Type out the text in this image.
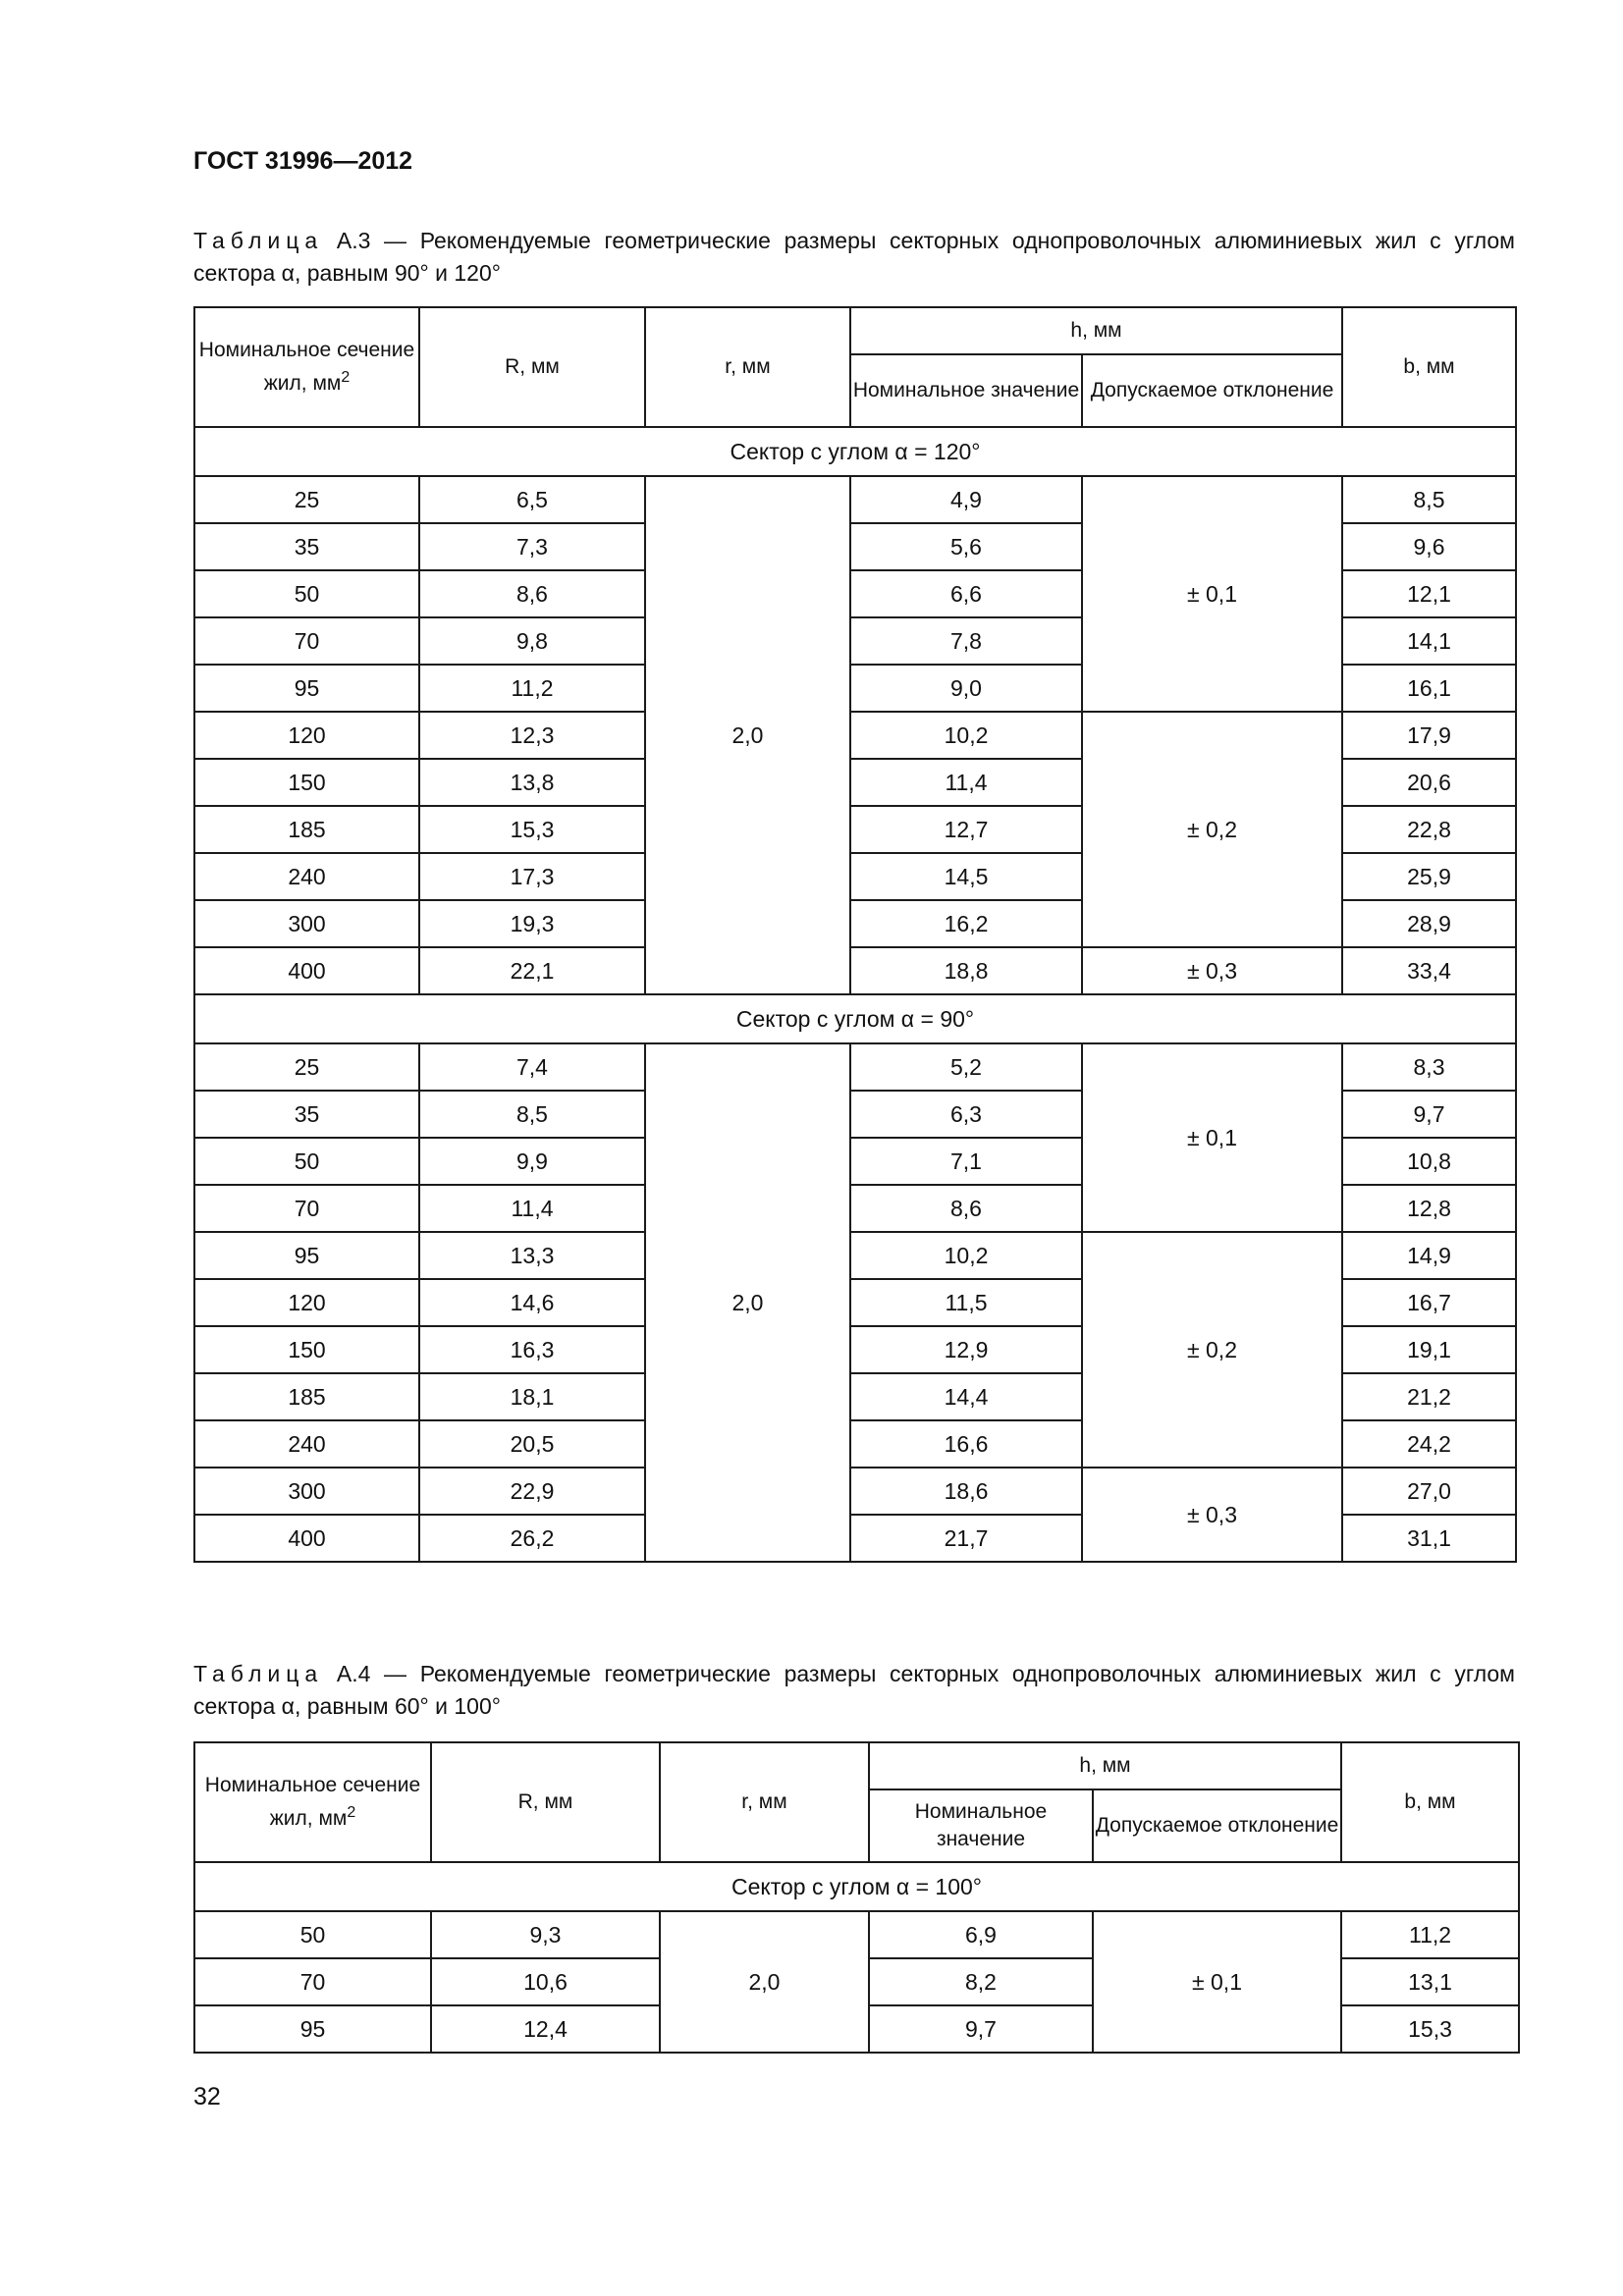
ГОСТ 31996—2012
Таблица А.3 — Рекомендуемые геометрические размеры секторных однопроволочных алюминиевых жил с углом сектора α, равным 90° и 120°
Номинальное сечение жил, $мм^2$	R, мм	r, мм	h, мм		b, мм
			Номинальное значение	Допускаемое отклонение	
Сектор с углом α = 120°					
25	6,5	2,0	4,9	± 0,1	8,5
35	7,3		5,6		9,6
50	8,6		6,6		12,1
70	9,8		7,8		14,1
95	11,2		9,0		16,1
120	12,3		10,2	± 0,2	17,9
150	13,8		11,4		20,6
185	15,3		12,7		22,8
240	17,3		14,5		25,9
300	19,3		16,2		28,9
400	22,1		18,8	± 0,3	33,4
Сектор с углом α = 90°					
25	7,4	2,0	5,2	± 0,1	8,3
35	8,5		6,3		9,7
50	9,9		7,1		10,8
70	11,4		8,6		12,8
95	13,3		10,2	± 0,2	14,9
120	14,6		11,5		16,7
150	16,3		12,9		19,1
185	18,1		14,4		21,2
240	20,5		16,6		24,2
300	22,9		18,6	± 0,3	27,0
400	26,2		21,7		31,1
Таблица А.4 — Рекомендуемые геометрические размеры секторных однопроволочных алюминиевых жил с углом сектора α, равным 60° и 100°
Номинальное сечение жил, $мм^2$	R, мм	r, мм	h, мм		b, мм
			Номинальное значение	Допускаемое отклонение	
Сектор с углом α = 100°					
50	9,3	2,0	6,9	± 0,1	11,2
70	10,6		8,2		13,1
95	12,4		9,7		15,3
32
